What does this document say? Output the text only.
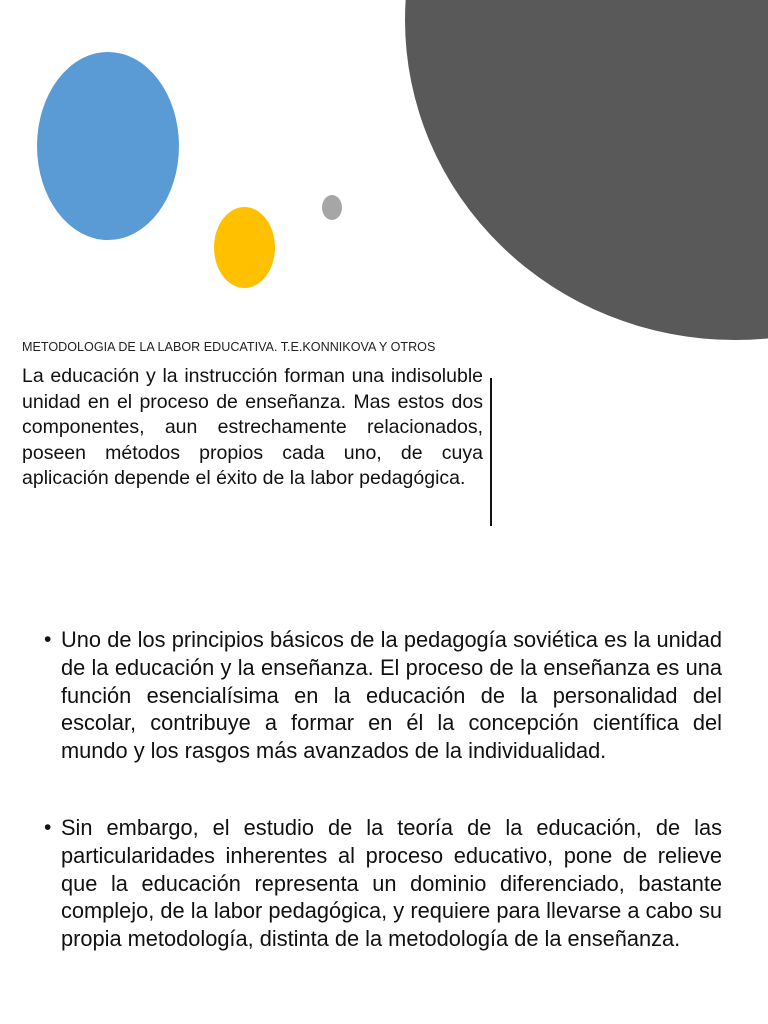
METODOLOGIA DE LA LABOR EDUCATIVA. T.E.KONNIKOVA Y OTROS
La educación y la instrucción forman una indisoluble unidad en el proceso de enseñanza. Mas estos dos componentes, aun estrechamente relacionados, poseen métodos propios cada uno, de cuya aplicación depende el éxito de la labor pedagógica.
• Uno de los principios básicos de la pedagogía soviética es la unidad de la educación y la enseñanza. El proceso de la enseñanza es una función esencialísima en la educación de la personalidad del escolar, contribuye a formar en él la concepción científica del mundo y los rasgos más avanzados de la individualidad.
• Sin embargo, el estudio de la teoría de la educación, de las particularidades inherentes al proceso educativo, pone de relieve que la educación representa un dominio diferenciado, bastante complejo, de la labor pedagógica, y requiere para llevarse a cabo su propia metodología, distinta de la metodología de la enseñanza.
